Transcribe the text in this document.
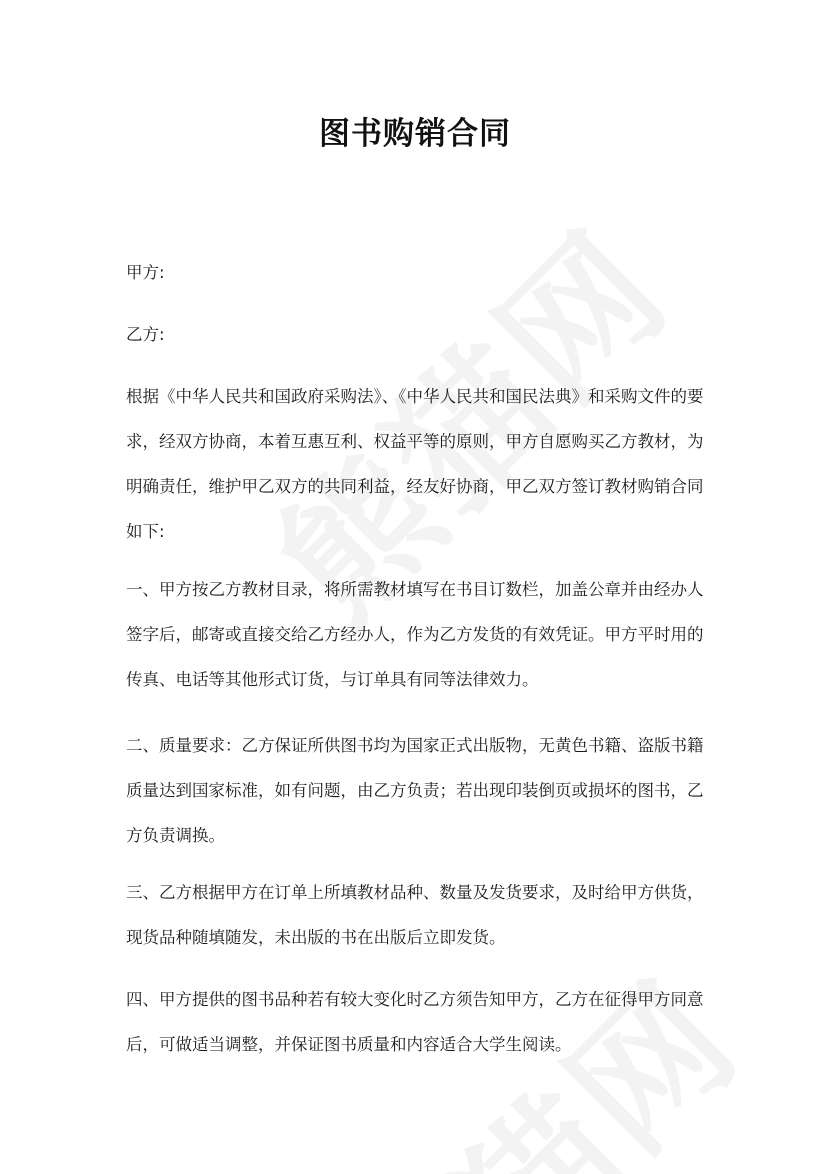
图书购销合同

甲方:

乙方:

根据《中华人民共和国政府采购法》、《中华人民共和国民法典》和采购文件的要求，经双方协商，本着互惠互利、权益平等的原则，甲方自愿购买乙方教材，为明确责任，维护甲乙双方的共同利益，经友好协商，甲乙双方签订教材购销合同如下:

一、甲方按乙方教材目录，将所需教材填写在书目订数栏，加盖公章并由经办人签字后，邮寄或直接交给乙方经办人，作为乙方发货的有效凭证。甲方平时用的传真、电话等其他形式订货，与订单具有同等法律效力。

二、质量要求：乙方保证所供图书均为国家正式出版物，无黄色书籍、盗版书籍质量达到国家标准，如有问题，由乙方负责；若出现印装倒页或损坏的图书，乙方负责调换。

三、乙方根据甲方在订单上所填教材品种、数量及发货要求，及时给甲方供货，现货品种随填随发，未出版的书在出版后立即发货。

四、甲方提供的图书品种若有较大变化时乙方须告知甲方，乙方在征得甲方同意后，可做适当调整，并保证图书质量和内容适合大学生阅读。
